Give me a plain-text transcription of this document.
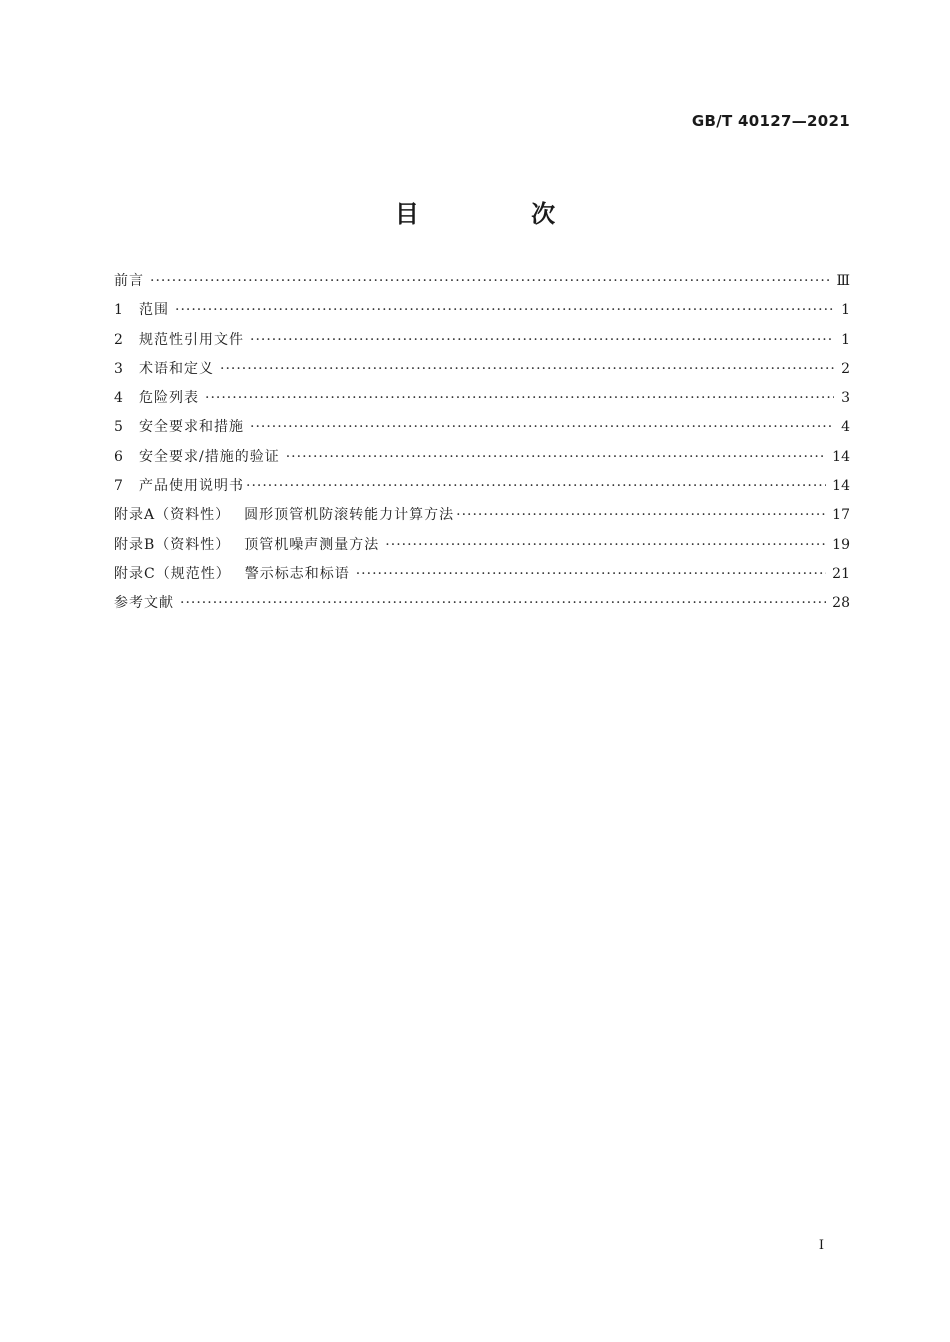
GB/T 40127—2021
目 次
前言 ·····	Ⅲ
1	范围 ·····	1
2	规范性引用文件 ·····	1
3	术语和定义 ·····	2
4	危险列表 ·····	3
5	安全要求和措施 ·····	4
6	安全要求/措施的验证 ·····	14
7	产品使用说明书 ·····	14
附录A（资料性） 圆形顶管机防滚转能力计算方法 ·····	17
附录B（资料性） 顶管机噪声测量方法 ·····	19
附录C（规范性） 警示标志和标语 ·····	21
参考文献 ·····	28
I
